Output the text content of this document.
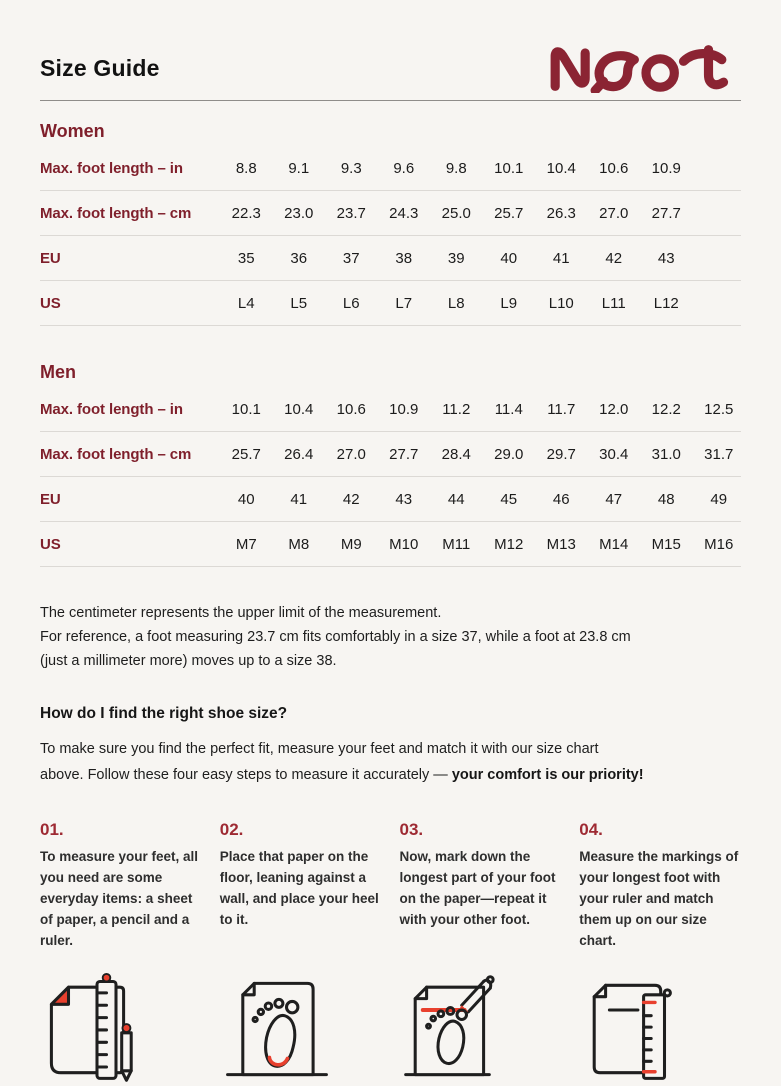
Size Guide
Women
Max. foot length – in	8.8	9.1	9.3	9.6	9.8	10.1	10.4	10.6	10.9
Max. foot length – cm	22.3	23.0	23.7	24.3	25.0	25.7	26.3	27.0	27.7
EU	35	36	37	38	39	40	41	42	43
US	L4	L5	L6	L7	L8	L9	L10	L11	L12
Men
Max. foot length – in	10.1	10.4	10.6	10.9	11.2	11.4	11.7	12.0	12.2	12.5
Max. foot length – cm	25.7	26.4	27.0	27.7	28.4	29.0	29.7	30.4	31.0	31.7
EU	40	41	42	43	44	45	46	47	48	49
US	M7	M8	M9	M10	M11	M12	M13	M14	M15	M16
The centimeter represents the upper limit of the measurement.
For reference, a foot measuring 23.7 cm fits comfortably in a size 37, while a foot at 23.8 cm
(just a millimeter more) moves up to a size 38.
How do I find the right shoe size?

To make sure you find the perfect fit, measure your feet and match it with our size chart
above. Follow these four easy steps to measure it accurately — your comfort is our priority!

01.
To measure your feet, all you need are some everyday items: a sheet of paper, a pencil and a ruler.
02.
Place that paper on the floor, leaning against a wall, and place your heel to it.
03.
Now, mark down the longest part of your foot on the paper—repeat it with your other foot.
04.
Measure the markings of your longest foot with your ruler and match them up on our size chart.
